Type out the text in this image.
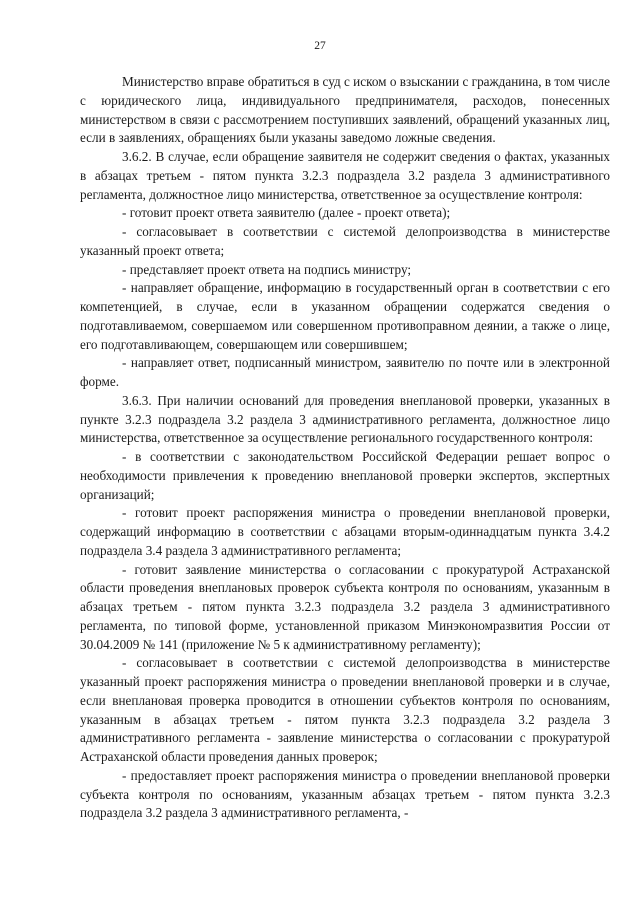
27

Министерство вправе обратиться в суд с иском о взыскании с гражданина, в том числе с юридического лица, индивидуального предпринимателя, расходов, понесенных министерством в связи с рассмотрением поступивших заявлений, обращений указанных лиц, если в заявлениях, обращениях были указаны заведомо ложные сведения.

3.6.2. В случае, если обращение заявителя не содержит сведения о фактах, указанных в абзацах третьем - пятом пункта 3.2.3 подраздела 3.2 раздела 3 административного регламента, должностное лицо министерства, ответственное за осуществление контроля:

- готовит проект ответа заявителю (далее - проект ответа);

- согласовывает в соответствии с системой делопроизводства в министерстве указанный проект ответа;

- представляет проект ответа на подпись министру;

- направляет обращение, информацию в государственный орган в соответствии с его компетенцией, в случае, если в указанном обращении содержатся сведения о подготавливаемом, совершаемом или совершенном противоправном деянии, а также о лице, его подготавливающем, совершающем или совершившем;

- направляет ответ, подписанный министром, заявителю по почте или в электронной форме.

3.6.3. При наличии оснований для проведения внеплановой проверки, указанных в пункте 3.2.3 подраздела 3.2 раздела 3 административного регламента, должностное лицо министерства, ответственное за осуществление регионального государственного контроля:

- в соответствии с законодательством Российской Федерации решает вопрос о необходимости привлечения к проведению внеплановой проверки экспертов, экспертных организаций;

- готовит проект распоряжения министра о проведении внеплановой проверки, содержащий информацию в соответствии с абзацами вторым-одиннадцатым пункта 3.4.2 подраздела 3.4 раздела 3 административного регламента;

- готовит заявление министерства о согласовании с прокуратурой Астраханской области проведения внеплановых проверок субъекта контроля по основаниям, указанным в абзацах третьем - пятом пункта 3.2.3 подраздела 3.2 раздела 3 административного регламента, по типовой форме, установленной приказом Минэкономразвития России от 30.04.2009 № 141 (приложение № 5 к административному регламенту);

- согласовывает в соответствии с системой делопроизводства в министерстве указанный проект распоряжения министра о проведении внеплановой проверки и в случае, если внеплановая проверка проводится в отношении субъектов контроля по основаниям, указанным в абзацах третьем - пятом пункта 3.2.3 подраздела 3.2 раздела 3 административного регламента - заявление министерства о согласовании с прокуратурой Астраханской области проведения данных проверок;

- предоставляет проект распоряжения министра о проведении внеплановой проверки субъекта контроля по основаниям, указанным абзацах третьем - пятом пункта 3.2.3 подраздела 3.2 раздела 3 административного регламента, -
